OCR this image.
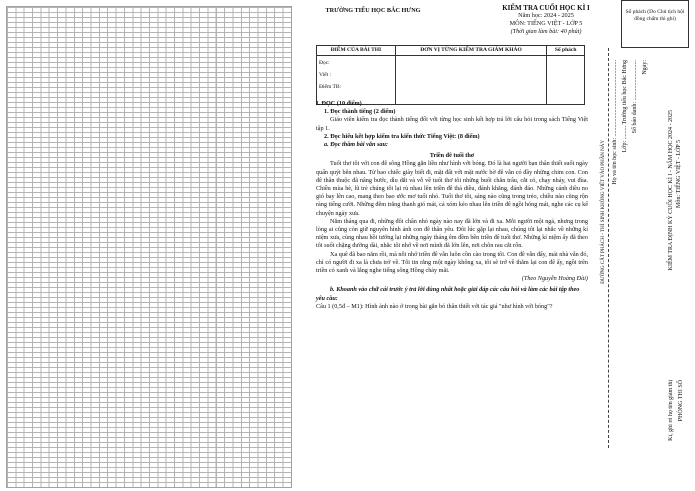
TRƯỜNG TIỂU HỌC BẮC HƯNG	KIỂM TRA CUỐI HỌC KÌ I
Năm học: 2024 - 2025
MÔN: TIẾNG VIỆT - LỚP 5
(Thời gian làm bài: 40 phút)
ĐIỂM CỦA BÀI THI	ĐƠN VỊ TỪNG KIỂM TRA GIÁM KHẢO	Số phách

Đọc:
Viết :
Điểm TB:		

I. ĐỌC (10 điểm)

1. Đọc thành tiếng (2 điểm)

Giáo viên kiểm tra đọc thành tiếng đối với từng học sinh kết hợp trả lời câu hỏi trong sách Tiếng Việt tập 1.

2. Đọc hiểu kết hợp kiểm tra kiến thức Tiếng Việt: (8 điểm)

a. Đọc thầm bài văn sau:

Triền đê tuổi thơ

Tuổi thơ tôi với con đê sông Hồng gắn liền như hình với bóng. Đó là hai người bạn thân thiết suốt ngày quấn quýt bên nhau. Từ bao chiếc giày biết đi, mặt đất với mặt nước bờ đê vẫn có đầy những chim con. Con đê thân thuộc đã nâng bước, dìu dắt và vỗ về tuổi thơ tôi những buổi chăn trâu, cắt cỏ, chạy nhảy, vui đùa. Chiều mùa hè, lũ trẻ chúng tôi lại rủ nhau lên triền đê thả diều, đánh khăng, đánh đáo. Những cánh diều no gió bay lên cao, mang theo bao ước mơ tuổi nhỏ. Tuổi thơ tôi, sáng nào cũng trong trẻo, chiều nào cũng rộn ràng tiếng cười. Những đêm trăng thanh gió mát, cả xóm kéo nhau lên triền đê ngồi hóng mát, nghe các cụ kể chuyện ngày xưa.

Năm tháng qua đi, những đôi chân nhỏ ngày nào nay đã lớn và đi xa. Mỗi người một ngả, nhưng trong lòng ai cũng còn giữ nguyên hình ảnh con đê thân yêu. Đôi lúc gặp lại nhau, chúng tôi lại nhắc về những kỉ niệm xưa, cùng nhau hồi tưởng lại những ngày tháng êm đềm bên triền đê tuổi thơ. Những kỉ niệm ấy đã theo tôi suốt chặng đường dài, nhắc tôi nhớ về nơi mình đã lớn lên, nơi chôn rau cắt rốn.

Xa quê đã bao năm rồi, mà nỗi nhớ triền đê vẫn luôn cồn cào trong tôi. Con đê vẫn đấy, mái nhà vẫn đó, chỉ có người đi xa là chưa trở về. Tôi tin rằng một ngày không xa, tôi sẽ trở về thăm lại con đê ấy, ngồi trên triền cỏ xanh và lắng nghe tiếng sông Hồng chảy mãi.

(Theo Nguyễn Hoàng Đài)

b. Khoanh vào chữ cái trước ý trả lời đúng nhất hoặc giải đáp các câu hỏi và làm các bài tập theo yêu cầu:

Câu 1 (0,5đ – M1): Hình ảnh nào ở trong bài gắn bó thân thiết với tác giả "như hình với bóng"?

Số phách (Do Chủ tịch hội đồng chấm thi ghi)
Họ và tên học sinh: ................................................... Lớp: ......... Trường tiểu học Bắc Hưng Số báo danh: ........................... Ngày:
ĐƯỜNG CẮT PHÁCH - THÍ SINH KHÔNG VIẾT VÀO PHẦN NÀY	KIỂM TRA ĐỊNH KỲ CUỐI HỌC KÌ I - NĂM HỌC 2024 - 2025 Môn: TIẾNG VIỆT - LỚP 5
PHÒNG THI SỐ
Kí, ghi rõ họ tên giám thị
